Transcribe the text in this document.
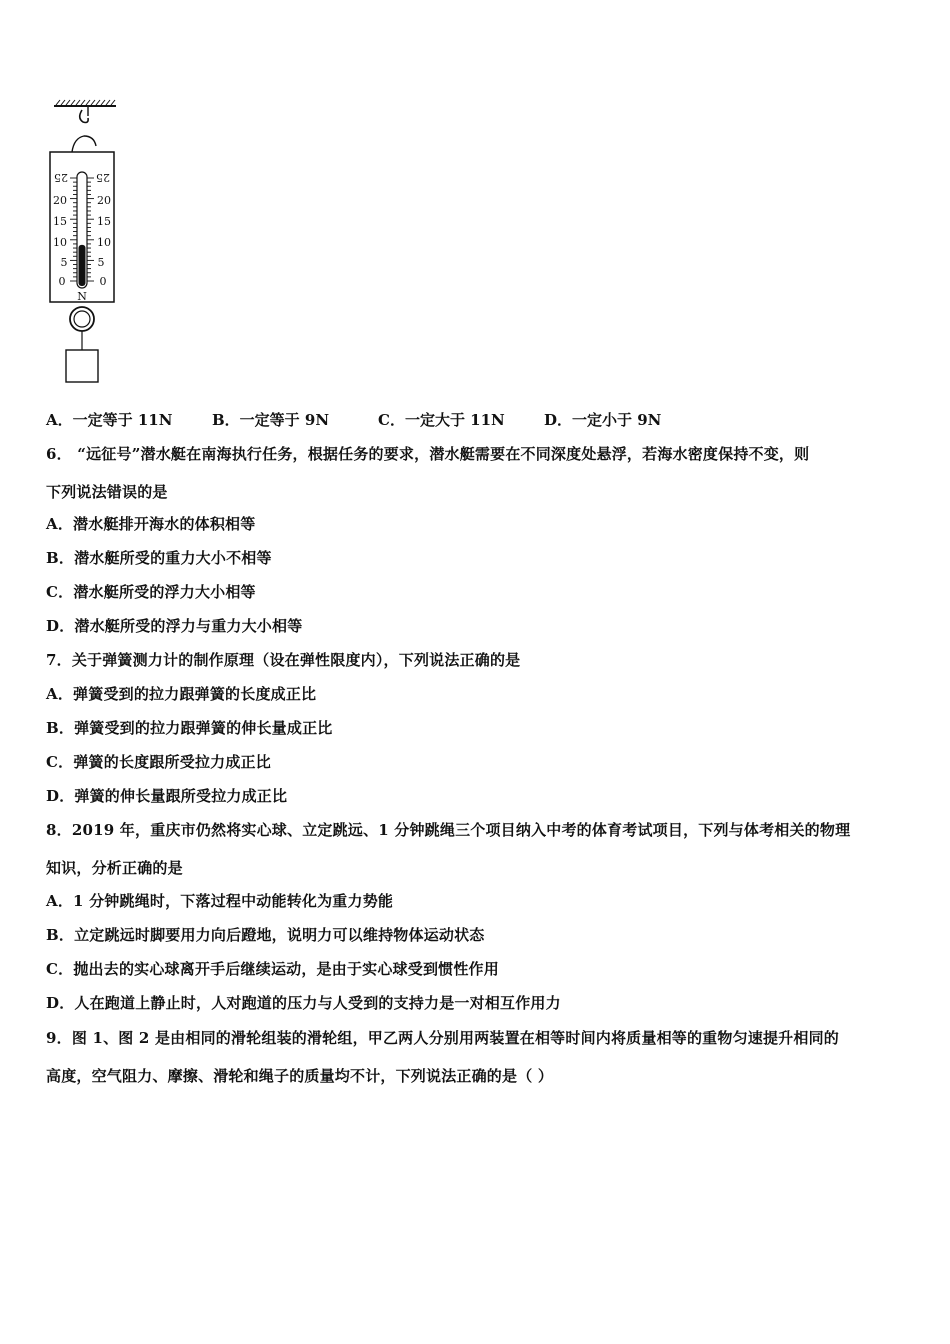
25
20
15
10
5
0
25
20
15
10
5
0
N
A．一定等于 11N	B．一定等于 9N	C．一定大于 11N	D．一定小于 9N
6． “远征号”潜水艇在南海执行任务，根据任务的要求，潜水艇需要在不同深度处悬浮，若海水密度保持不变，则
下列说法错误的是
A．潜水艇排开海水的体积相等
B．潜水艇所受的重力大小不相等
C．潜水艇所受的浮力大小相等
D．潜水艇所受的浮力与重力大小相等
7．关于弹簧测力计的制作原理（设在弹性限度内），下列说法正确的是
A．弹簧受到的拉力跟弹簧的长度成正比
B．弹簧受到的拉力跟弹簧的伸长量成正比
C．弹簧的长度跟所受拉力成正比
D．弹簧的伸长量跟所受拉力成正比
8．2019 年，重庆市仍然将实心球、立定跳远、1 分钟跳绳三个项目纳入中考的体育考试项目，下列与体考相关的物理
知识，分析正确的是
A．1 分钟跳绳时，下落过程中动能转化为重力势能
B．立定跳远时脚要用力向后蹬地，说明力可以维持物体运动状态
C．抛出去的实心球离开手后继续运动，是由于实心球受到惯性作用
D．人在跑道上静止时，人对跑道的压力与人受到的支持力是一对相互作用力
9．图 1、图 2 是由相同的滑轮组装的滑轮组，甲乙两人分别用两装置在相等时间内将质量相等的重物匀速提升相同的
高度，空气阻力、摩擦、滑轮和绳子的质量均不计，下列说法正确的是（ ）
